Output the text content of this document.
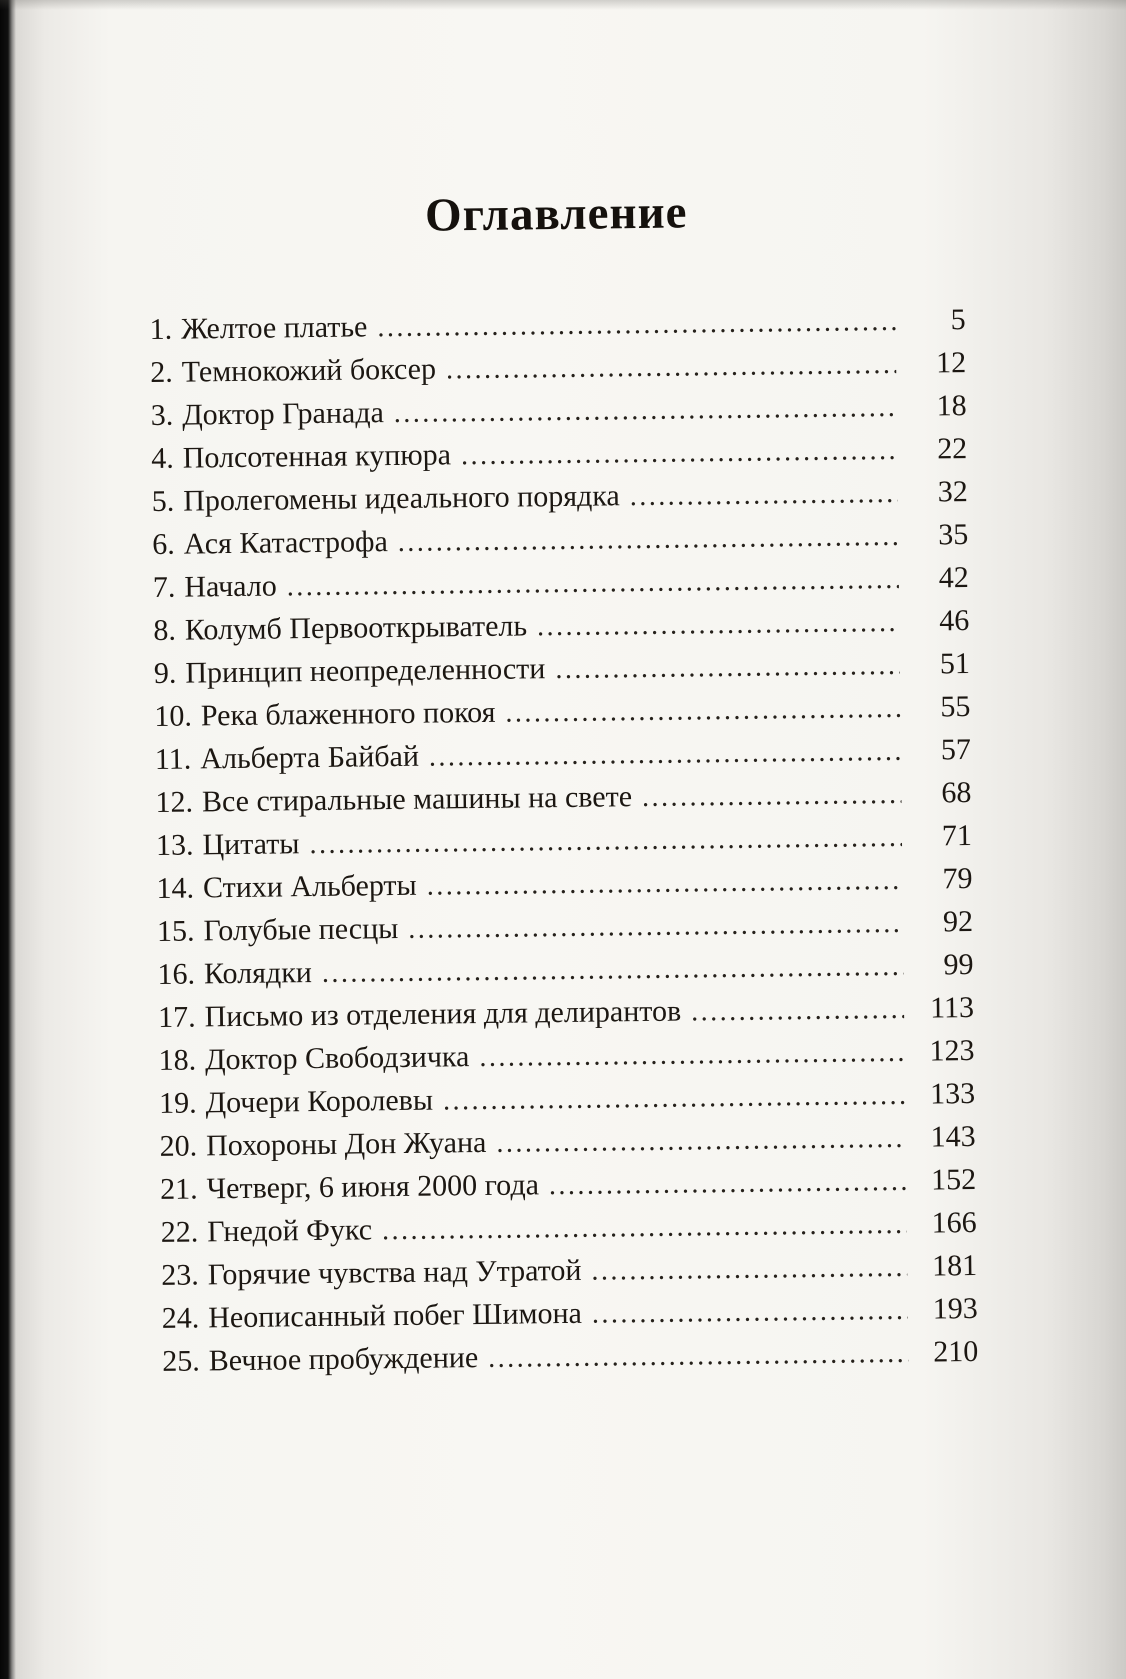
Оглавление
1. Желтое платье .....	5
2. Темнокожий боксер .....	12
3. Доктор Гранада .....	18
4. Полсотенная купюра .....	22
5. Пролегомены идеального порядка .....	32
6. Ася Катастрофа .....	35
7. Начало .....	42
8. Колумб Первооткрыватель .....	46
9. Принцип неопределенности .....	51
10. Река блаженного покоя .....	55
11. Альберта Байбай .....	57
12. Все стиральные машины на свете .....	68
13. Цитаты .....	71
14. Стихи Альберты .....	79
15. Голубые песцы .....	92
16. Колядки .....	99
17. Письмо из отделения для делирантов .....	113
18. Доктор Свободзичка .....	123
19. Дочери Королевы .....	133
20. Похороны Дон Жуана .....	143
21. Четверг, 6 июня 2000 года .....	152
22. Гнедой Фукс .....	166
23. Горячие чувства над Утратой .....	181
24. Неописанный побег Шимона .....	193
25. Вечное пробуждение .....	210
